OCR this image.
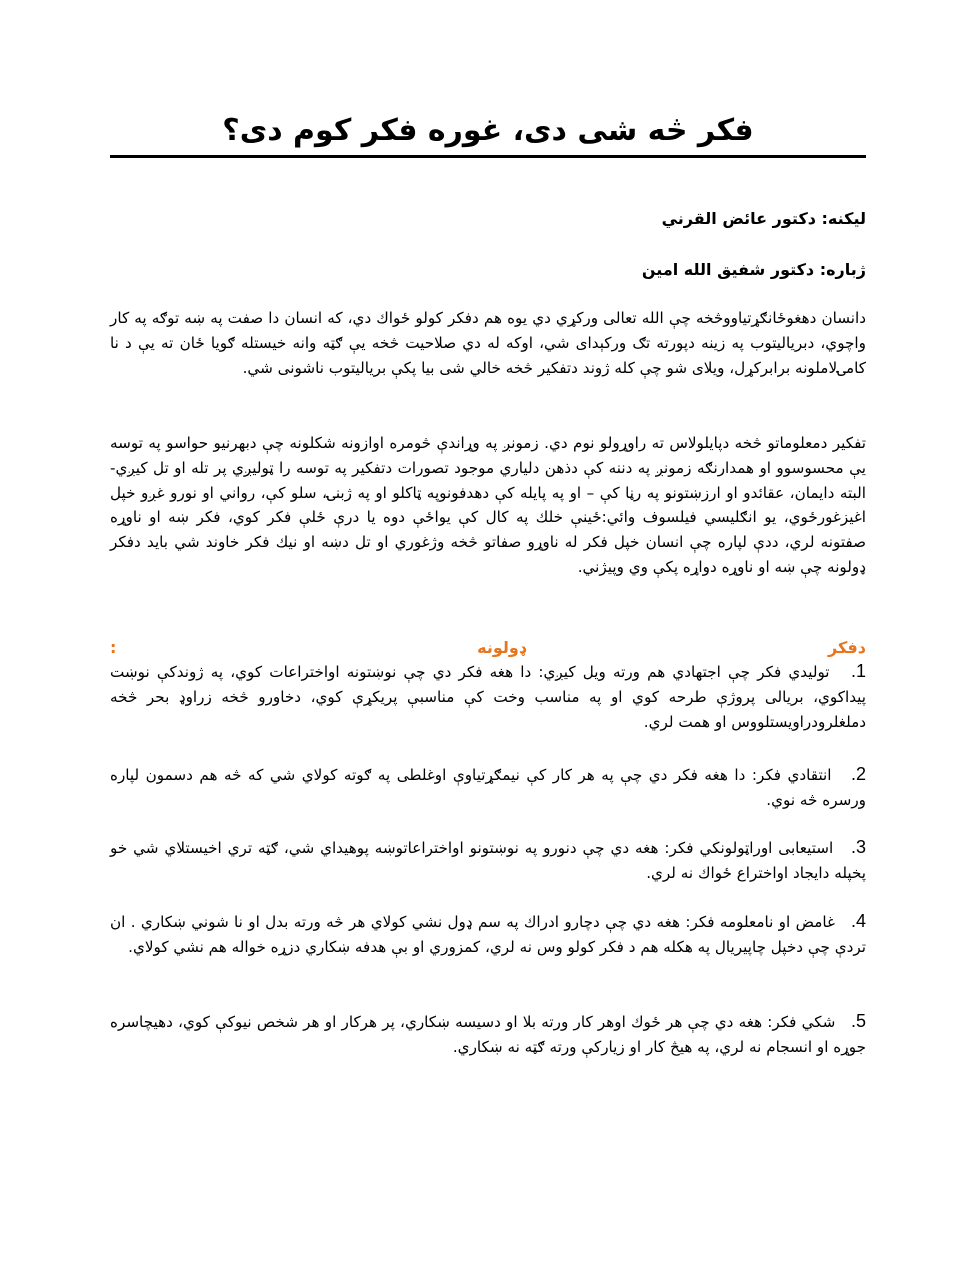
فکر څه شی دی، غوره فکر کوم دی؟
لیکنه: دکتور عائض القرني
ژباره: دکتور شفیق الله امین
دانسان دهغوځانګړتیاووڅخه چې الله تعالی ورکړي دي یوه هم دفکر کولو ځواك دي، که انسان دا صفت په ښه توګه په کار واچوي، دبریالیتوب په زینه دپورته تګ ورکېدای شي، اوکه له دي صلاحیت څخه یې ګټه وانه خیستله ګویا ځان ته یې د نا کامۍلاملونه برابرکړل، ویلای شو چې کله ژوند دتفکیر څخه خالي شی بیا پکې بریالیتوب ناشونی شي.
تفکیر دمعلوماتو څخه دپایلولاس ته راوړولو نوم دي. زمونږ په وړاندې څومره اوازونه شکلونه چې دبهرنیو حواسو په توسه یې محسوسوو او همدارنګه زمونږ په دننه کې دذهن دلیاري موجود تصورات دتفکیر په توسه را ټولیږي پر تله او تل کیږي-البته دایمان، عقائدو او ارزښتونو په رڼا کې – او په پایله کې دهدفونوپه ټاکلو او په ژبنۍ، سلو کې، رواني او نورو غږو خپل اغیزغورځوي، یو انګلیسي فیلسوف وائي:ځینې خلك په کال کې یواځې دوه یا درې ځلې فکر کوي، فکر ښه او ناوړه صفتونه لري، ددې لپاره چې انسان خپل فکر له ناوړو صفاتو څخه وژغوري او تل دښه او نیك فکر خاوند شي باید دفکر ډولونه چې ښه او ناوړه دواړه پکې وي وپیژني.
دفکر
ډولونه
:
1.   تولیدي فکر چې اجتهادي هم ورته ویل کیږي: دا هغه فکر دي چې نوښتونه اواختراعات کوي، په ژوندکې نوښت پیداکوي، بریالی پروژې طرحه کوي او په مناسب وخت کې مناسبې پریکړې کوي، دخاورو څخه زراوډ بحر څخه دملغلرودراویستلووس او همت لري.
2.   انتقادي فکر: دا هغه فکر دي چې په هر کار کې نیمګړتیاوې اوغلطی په ګوته کولاي شي که څه هم دسمون لپاره ورسره څه نوي.
3.   استیعابی اوراټولونکي فکر: هغه دي چې دنورو په نوښتونو اواختراعاتوښه پوهیداي شي، ګټه تري اخیستلاي شي خو پخپله دایجاد اواختراع ځواك نه لري.
4.   غامض او نامعلومه فکر: هغه دي چې دچارو ادراك په سم ډول نشي کولاي هر څه ورته بدل او نا شوني ښکاري . ان تردې چې دخپل چاپیریال په هکله هم د فکر کولو وس نه لري، کمزوري او بې هدفه ښکاري دزړه خواله هم نشي کولاي.
5.   شکي فکر: هغه دي چې هر ځوك اوهر کار ورته بلا او دسیسه ښکاري، پر هرکار او هر شخص نیوکې کوي، دهیچاسره جوړه او انسجام نه لري، په هیڅ کار او زیارکې ورته ګټه نه ښکاري.
